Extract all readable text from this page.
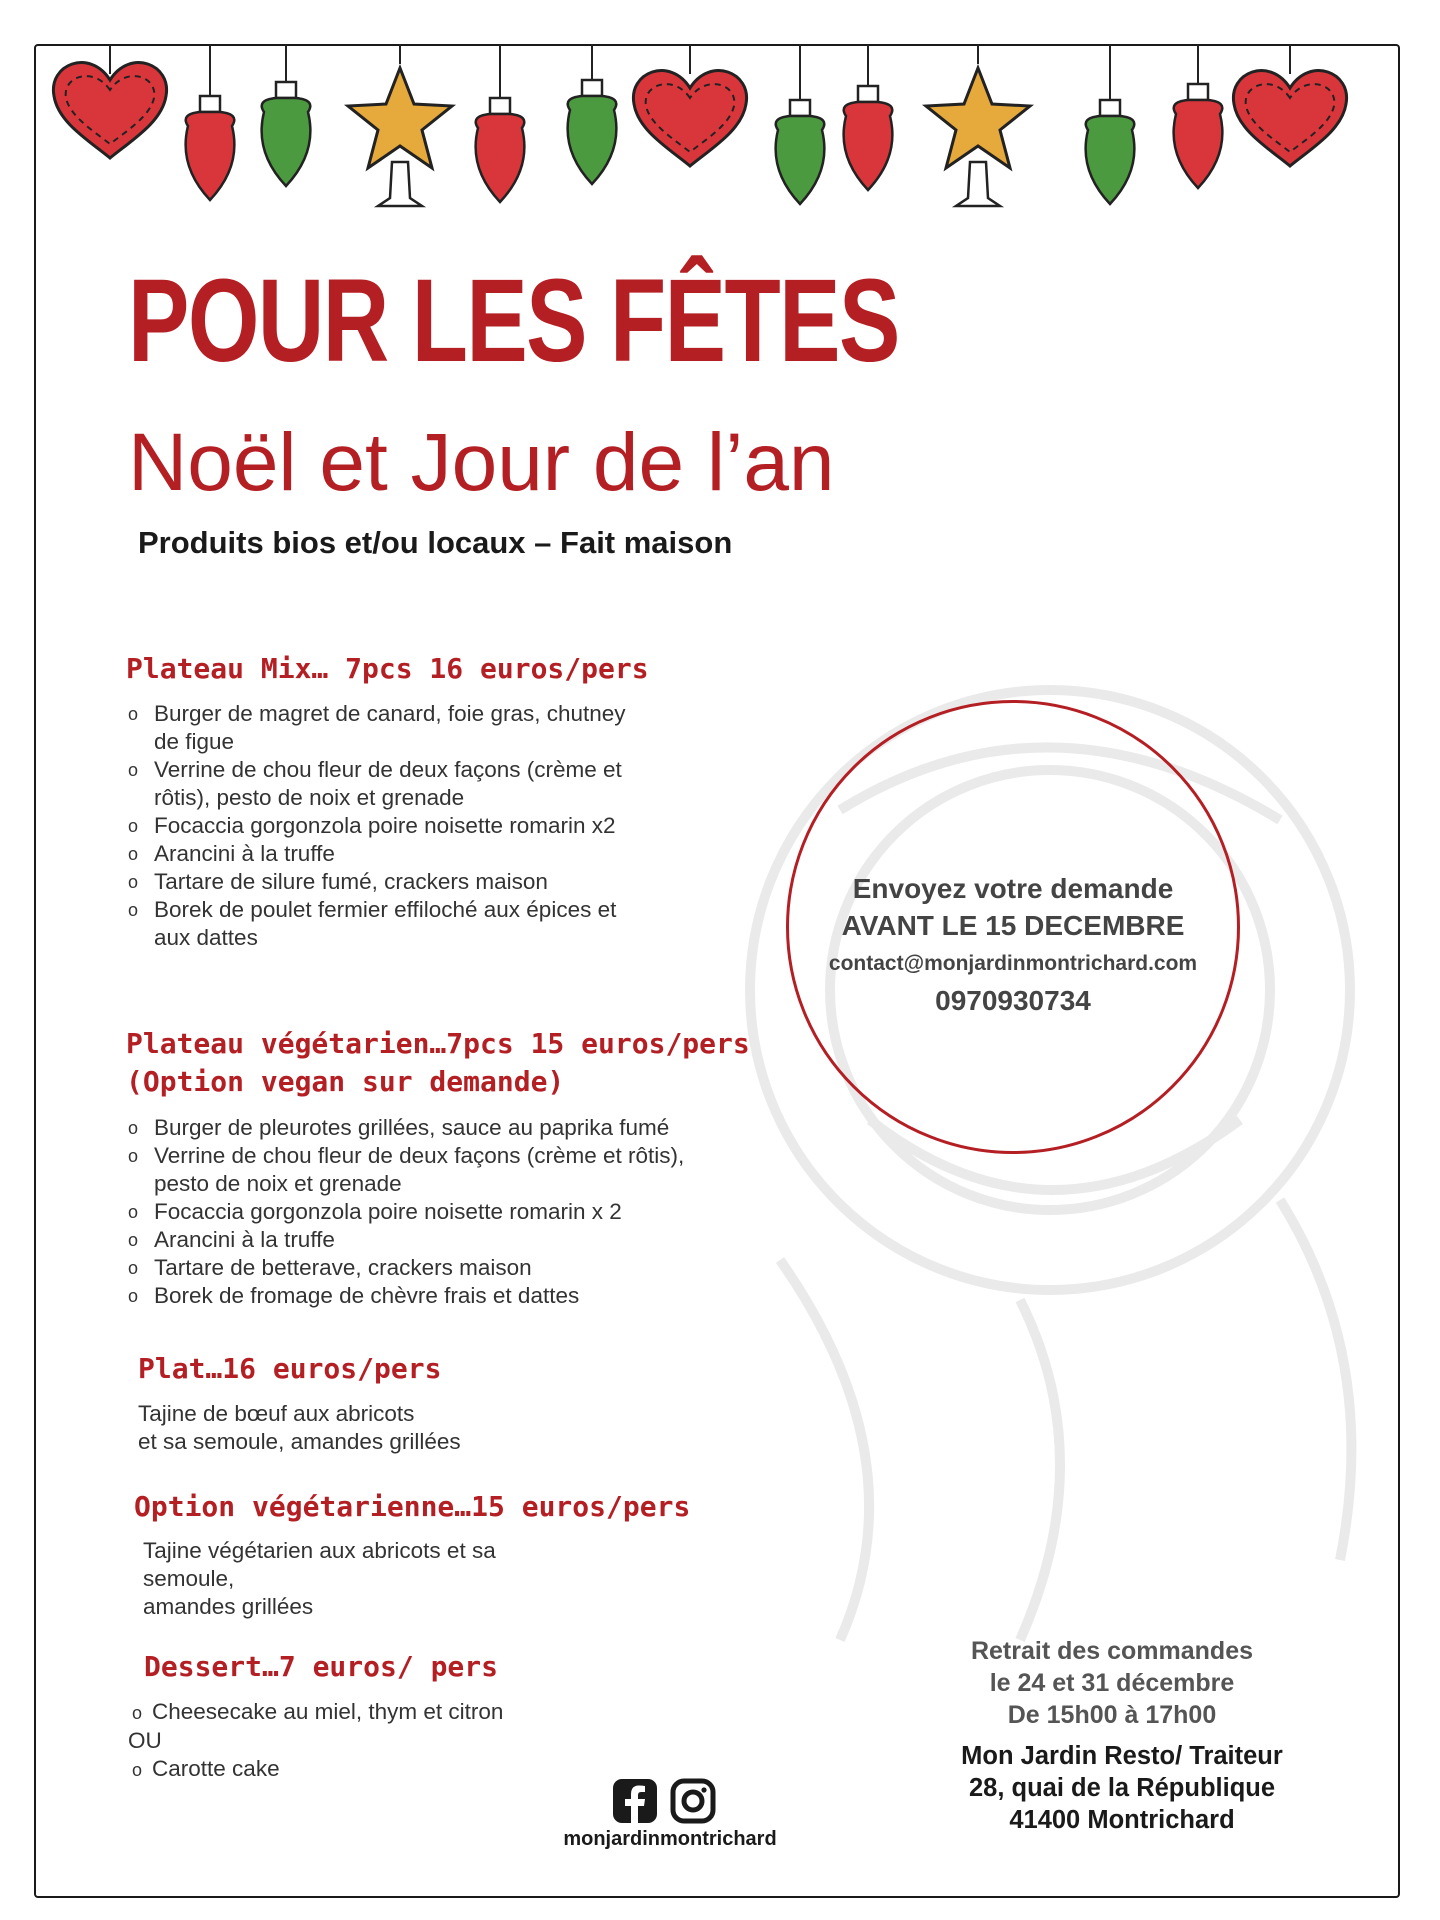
POUR LES FÊTES
Noël et Jour de l’an
Produits bios et/ou locaux – Fait maison
Plateau Mix… 7pcs 16 euros/pers
o Burger de magret de canard, foie gras, chutney de figue
o Verrine de chou fleur de deux façons (crème et rôtis), pesto de noix et grenade
o Focaccia gorgonzola poire noisette romarin x2
o Arancini à la truffe
o Tartare de silure fumé, crackers maison
o Borek de poulet fermier effiloché aux épices et aux dattes
Plateau végétarien…7pcs 15 euros/pers
(Option vegan sur demande)
o Burger de pleurotes grillées, sauce au paprika fumé
o Verrine de chou fleur de deux façons (crème et rôtis), pesto de noix et grenade
o Focaccia gorgonzola poire noisette romarin x 2
o Arancini à la truffe
o Tartare de betterave, crackers maison
o Borek de fromage de chèvre frais et dattes
Plat…16 euros/pers
Tajine de bœuf aux abricots
et sa semoule, amandes grillées
Option végétarienne…15 euros/pers
Tajine végétarien aux abricots et sa
semoule,
amandes grillées
Dessert…7 euros/ pers
o Cheesecake au miel, thym et citron
OU
o Carotte cake
Envoyez votre demande
AVANT LE 15 DECEMBRE
contact@monjardinmontrichard.com
0970930734
Retrait des commandes
le 24 et 31 décembre
De 15h00 à 17h00
Mon Jardin Resto/ Traiteur
28, quai de la République
41400 Montrichard
monjardinmontrichard
